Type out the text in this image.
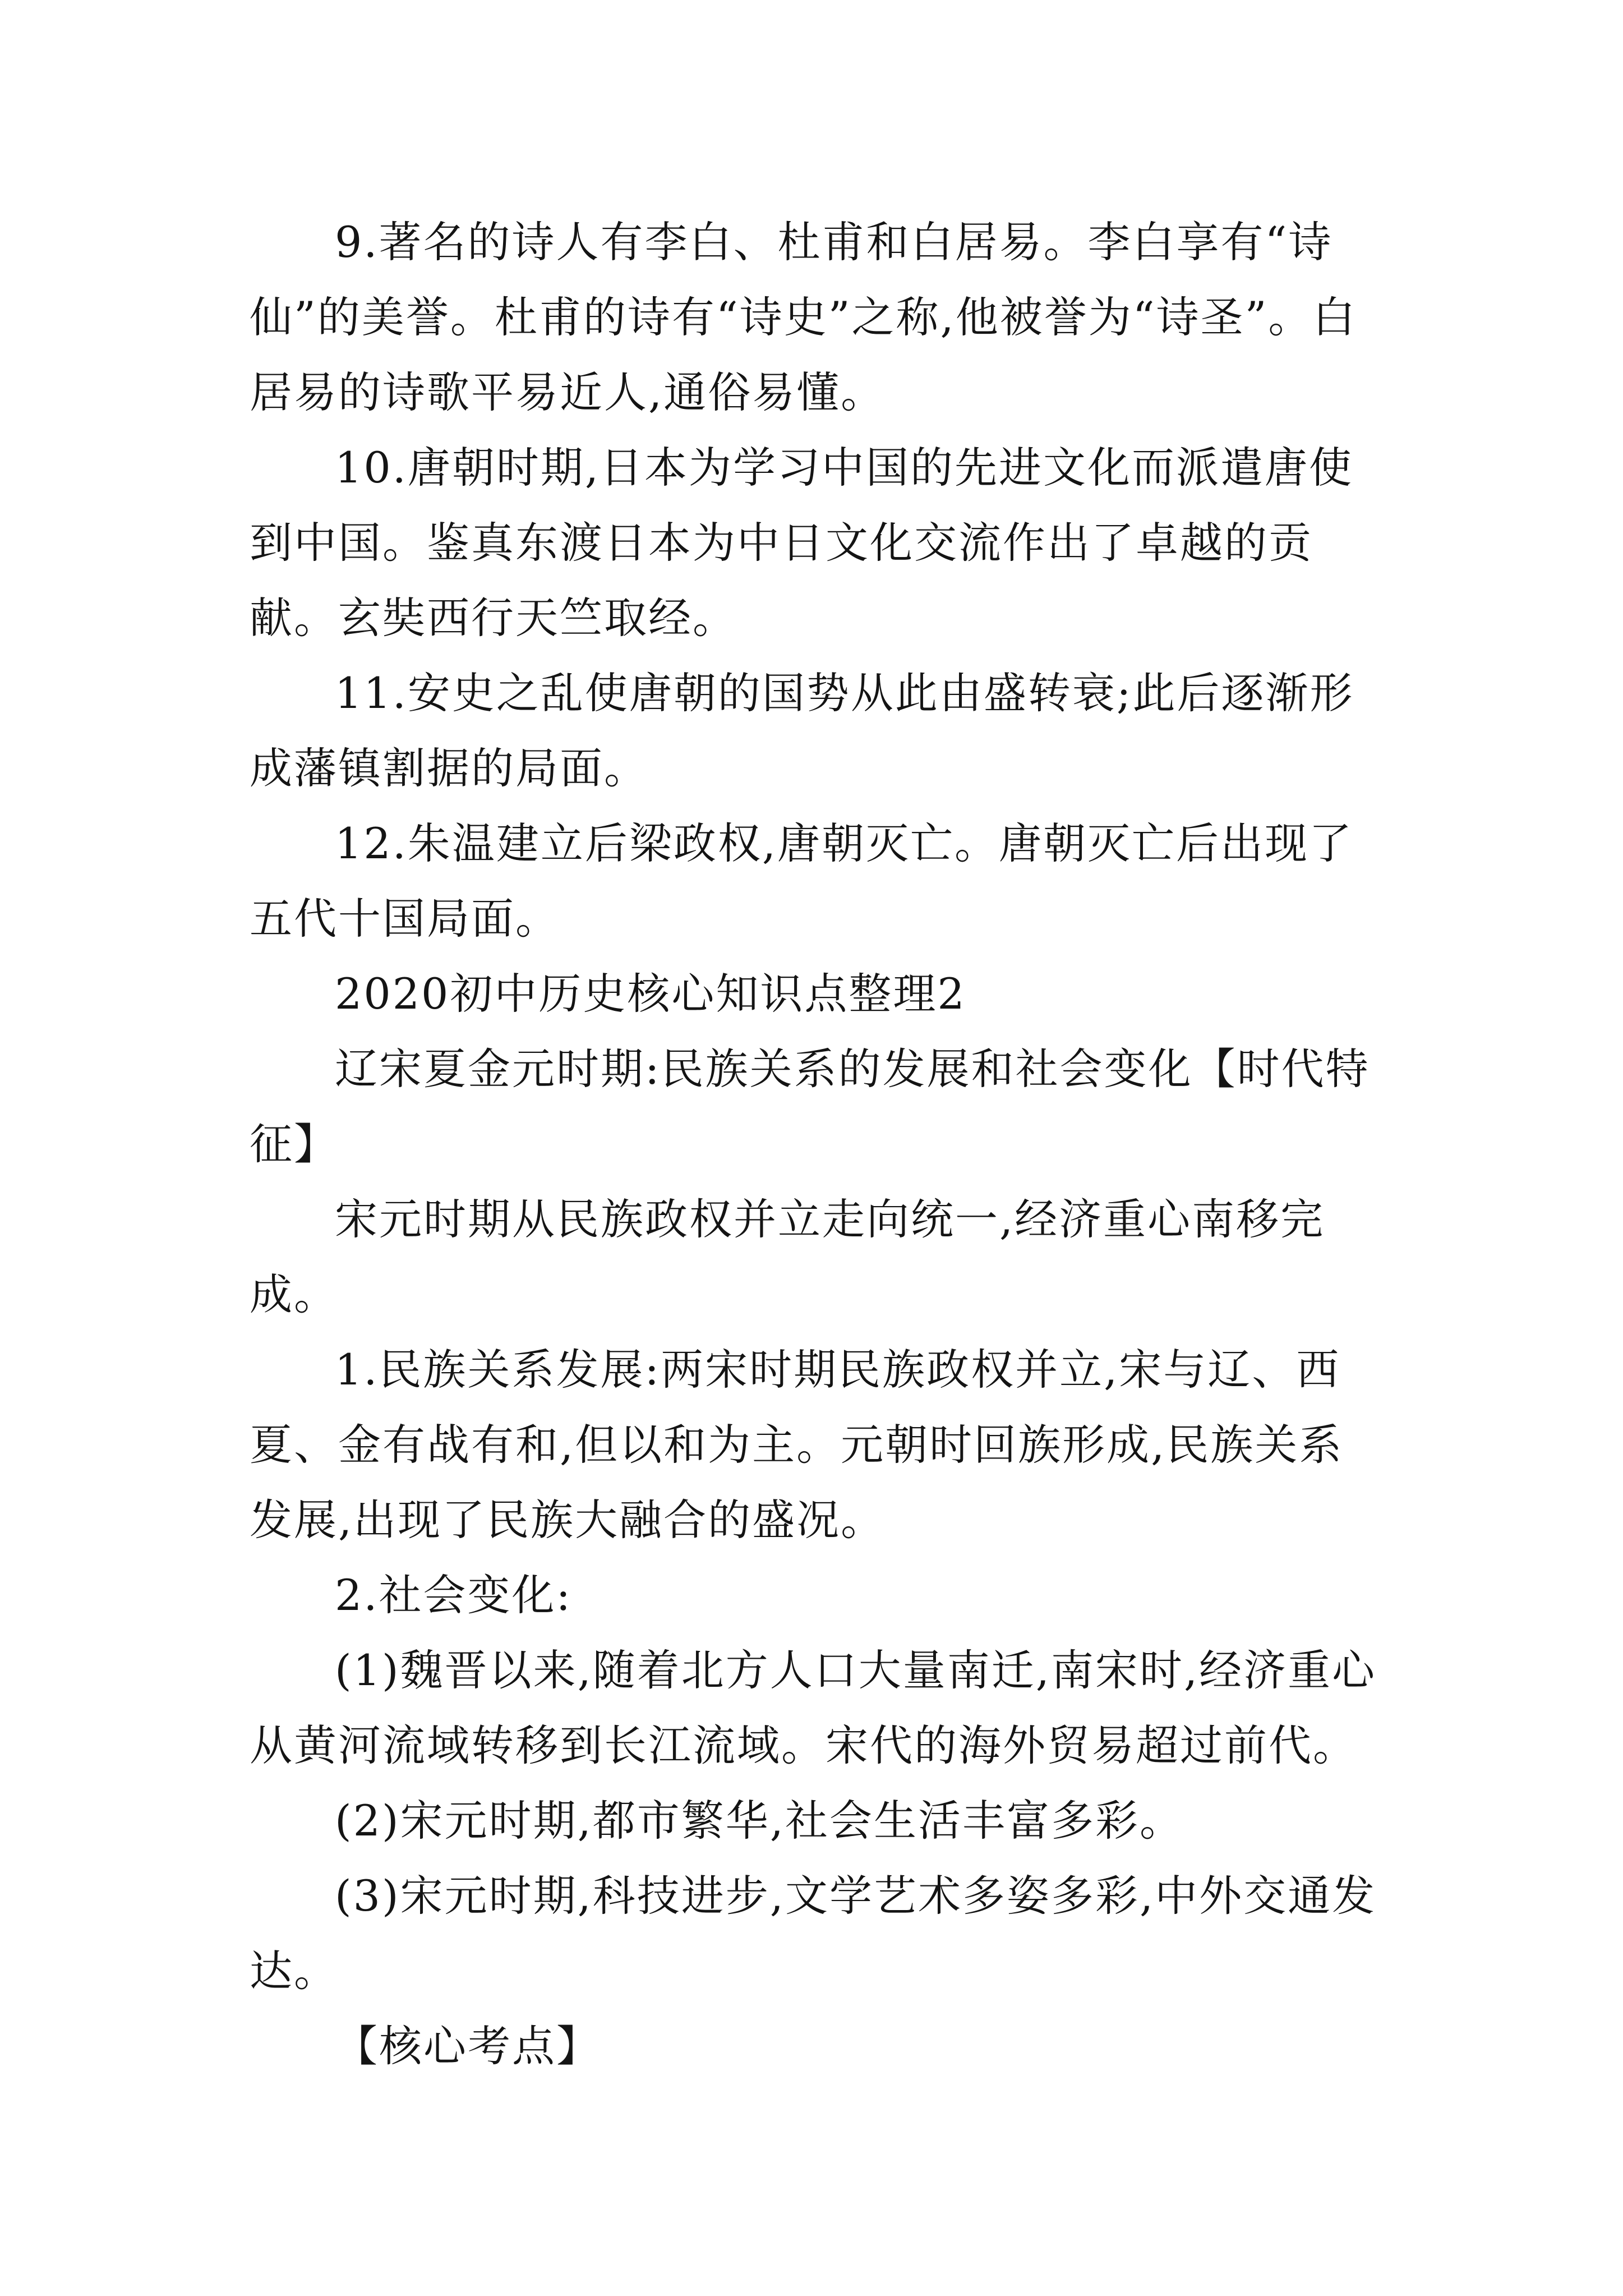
9.著名的诗人有李白、杜甫和白居易。李白享有“诗仙”的美誉。杜甫的诗有“诗史”之称,他被誉为“诗圣”。白居易的诗歌平易近人,通俗易懂。

10.唐朝时期,日本为学习中国的先进文化而派遣唐使到中国。鉴真东渡日本为中日文化交流作出了卓越的贡献。玄奘西行天竺取经。

11.安史之乱使唐朝的国势从此由盛转衰;此后逐渐形成藩镇割据的局面。

12.朱温建立后梁政权,唐朝灭亡。唐朝灭亡后出现了五代十国局面。

2020初中历史核心知识点整理2

辽宋夏金元时期:民族关系的发展和社会变化【时代特征】

宋元时期从民族政权并立走向统一,经济重心南移完成。

1.民族关系发展:两宋时期民族政权并立,宋与辽、西夏、金有战有和,但以和为主。元朝时回族形成,民族关系发展,出现了民族大融合的盛况。

2.社会变化:

(1)魏晋以来,随着北方人口大量南迁,南宋时,经济重心从黄河流域转移到长江流域。宋代的海外贸易超过前代。

(2)宋元时期,都市繁华,社会生活丰富多彩。

(3)宋元时期,科技进步,文学艺术多姿多彩,中外交通发达。

【核心考点】
